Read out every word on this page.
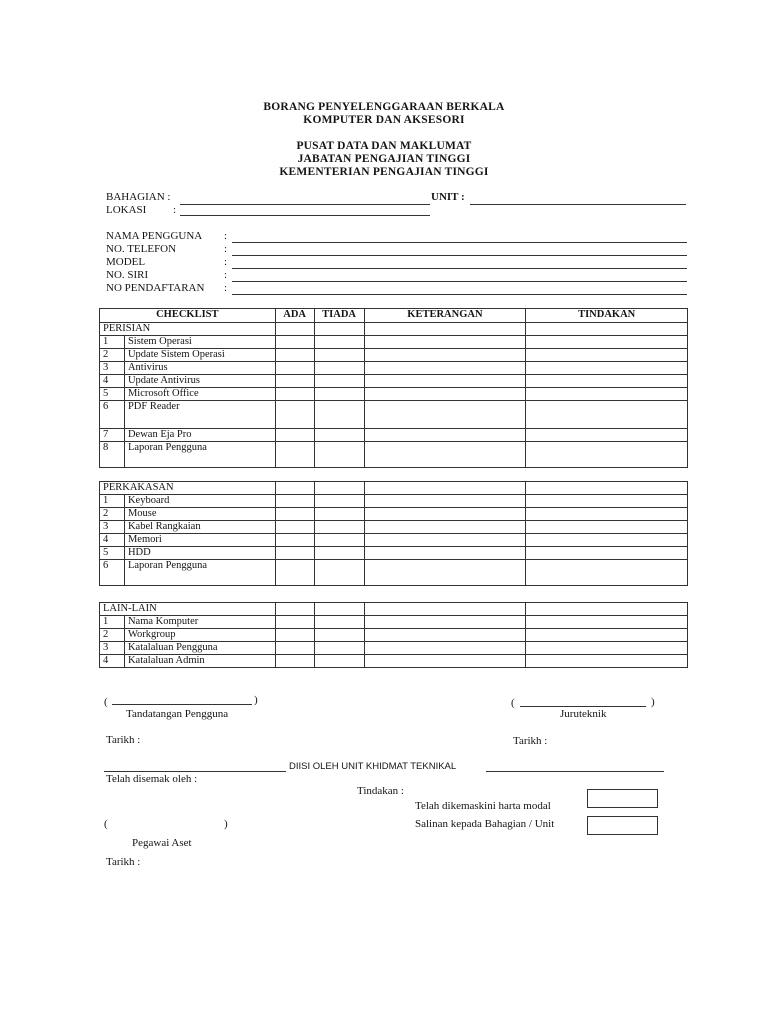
BORANG PENYELENGGARAAN BERKALA
KOMPUTER DAN AKSESORI
PUSAT DATA DAN MAKLUMAT
JABATAN PENGAJIAN TINGGI
KEMENTERIAN PENGAJIAN TINGGI
BAHAGIAN :	UNIT :
LOKASI :
NAMA PENGGUNA :
NO. TELEFON	:
MODEL	:
NO. SIRI	:
NO PENDAFTARAN :
CHECKLIST		ADA	TIADA	KETERANGAN	TINDAKAN
PERISIAN					
1	Sistem Operasi				
2	Update Sistem Operasi				
3	Antivirus				
4	Update Antivirus				
5	Microsoft Office				
6	PDF Reader				
7	Dewan Eja Pro				
8	Laporan Pengguna				
PERKAKASAN					
1	Keyboard				
2	Mouse				
3	Kabel Rangkaian				
4	Memori				
5	HDD				
6	Laporan Pengguna				
LAIN-LAIN					
1	Nama Komputer				
2	Workgroup				
3	Katalaluan Pengguna				
4	Katalaluan Admin				
(	)
Tandatangan Pengguna
(	)
Juruteknik
Tarikh :	Tarikh :
DIISI OLEH UNIT KHIDMAT TEKNIKAL
Telah disemak oleh :
Tindakan :
Telah dikemaskini harta modal
Salinan kepada Bahagian / Unit
(	)
Pegawai Aset
Tarikh :
